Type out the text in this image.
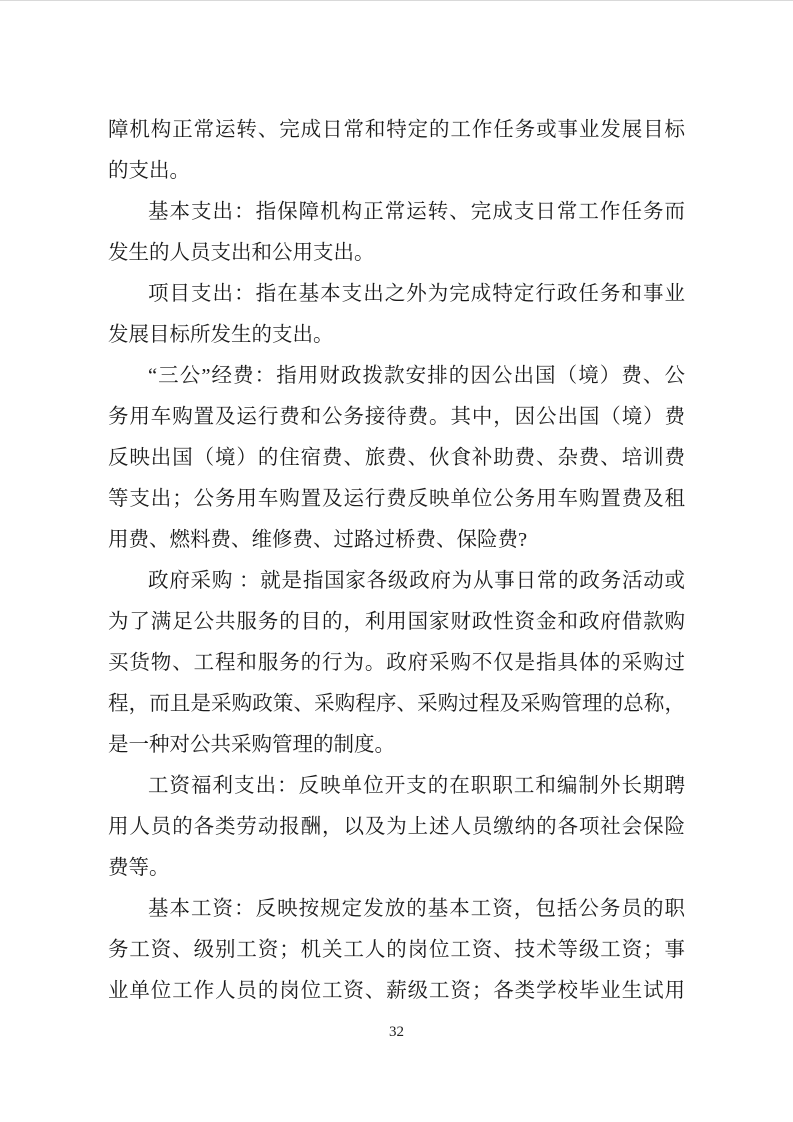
障机构正常运转、完成日常和特定的工作任务或事业发展目标
的支出。
基本支出：指保障机构正常运转、完成支日常工作任务而
发生的人员支出和公用支出。
项目支出：指在基本支出之外为完成特定行政任务和事业
发展目标所发生的支出。
“三公”经费：指用财政拨款安排的因公出国（境）费、公
务用车购置及运行费和公务接待费。其中，因公出国（境）费
反映出国（境）的住宿费、旅费、伙食补助费、杂费、培训费
等支出；公务用车购置及运行费反映单位公务用车购置费及租
用费、燃料费、维修费、过路过桥费、保险费?
政府采购 ：就是指国家各级政府为从事日常的政务活动或
为了满足公共服务的目的，利用国家财政性资金和政府借款购
买货物、工程和服务的行为。政府采购不仅是指具体的采购过
程，而且是采购政策、采购程序、采购过程及采购管理的总称，
是一种对公共采购管理的制度。
工资福利支出：反映单位开支的在职职工和编制外长期聘
用人员的各类劳动报酬，以及为上述人员缴纳的各项社会保险
费等。
基本工资：反映按规定发放的基本工资，包括公务员的职
务工资、级别工资；机关工人的岗位工资、技术等级工资；事
业单位工作人员的岗位工资、薪级工资；各类学校毕业生试用
32
